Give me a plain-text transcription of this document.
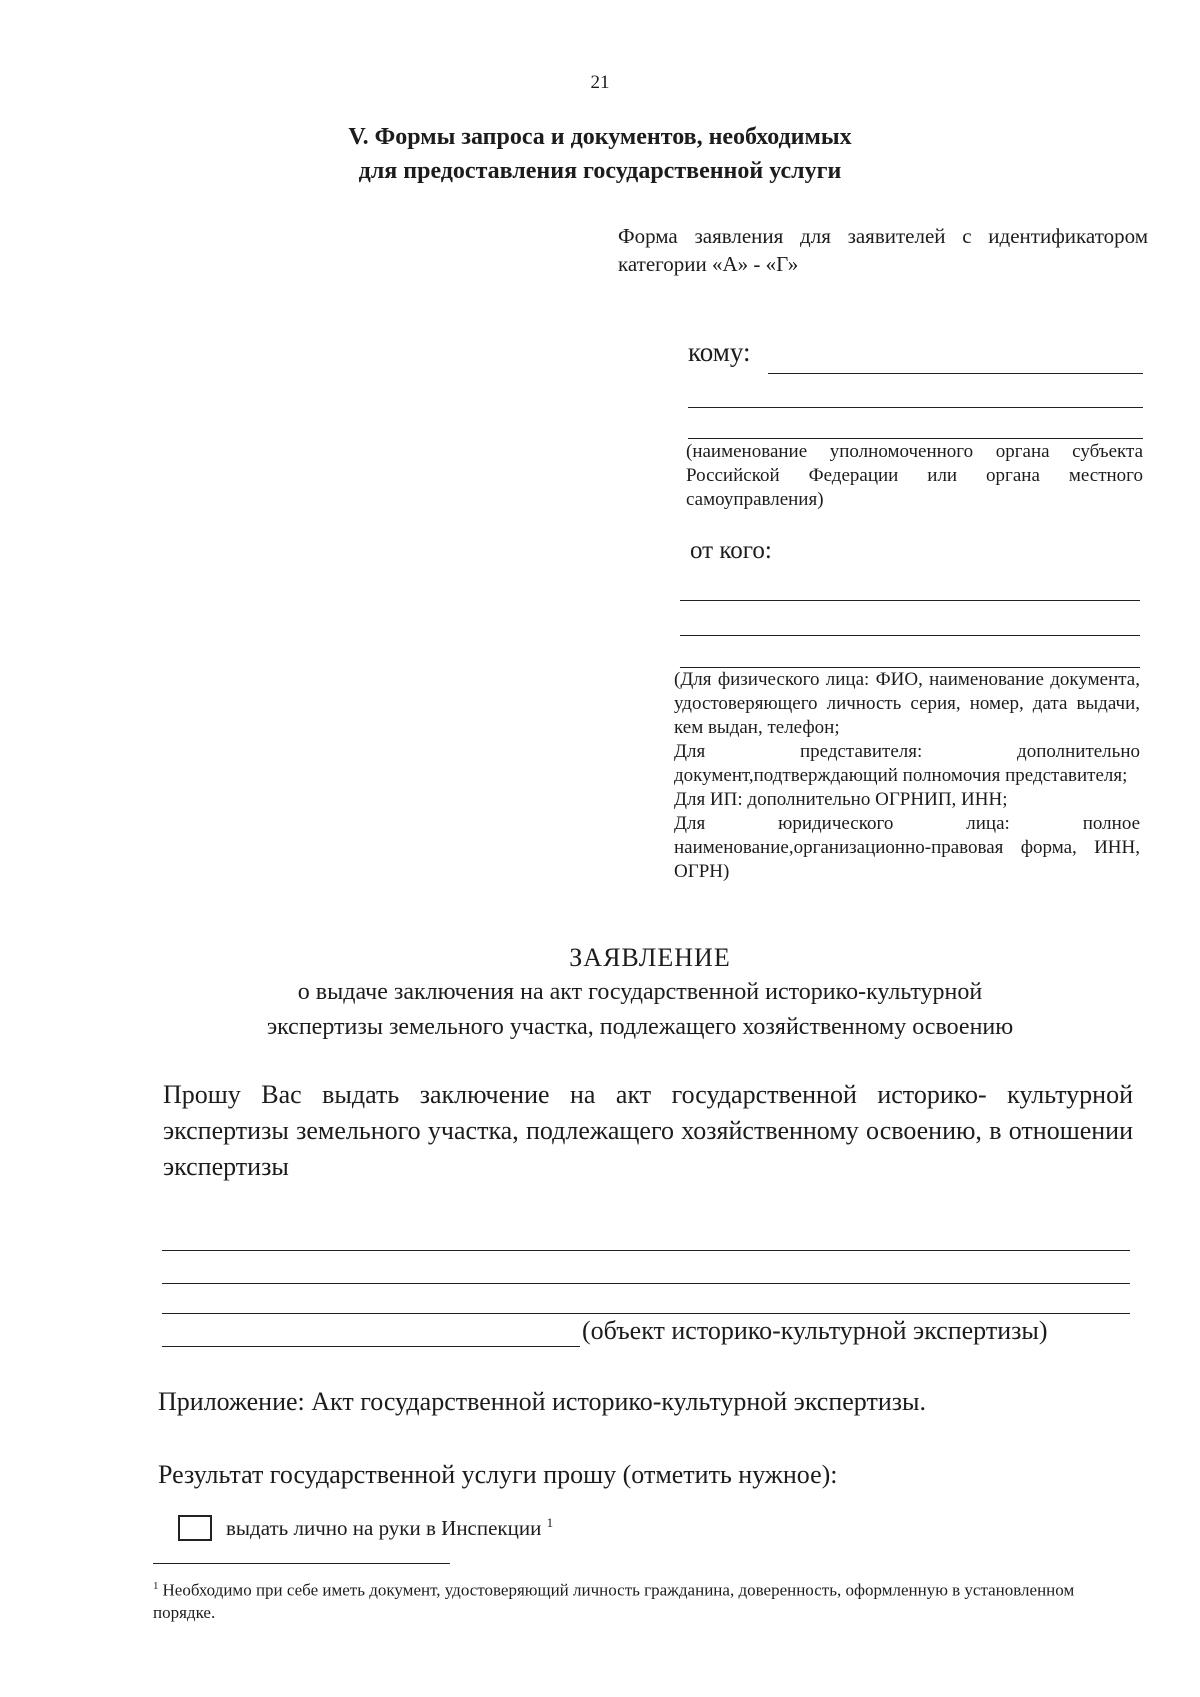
21
V. Формы запроса и документов, необходимых
для предоставления государственной услуги
Форма заявления для заявителей с идентификатором категории «А» - «Г»
кому:
(наименование уполномоченного органа субъекта Российской Федерации или органа местного самоуправления)
от кого:

(Для физического лица: ФИО, наименование документа, удостоверяющего личность серия, номер, дата выдачи, кем выдан, телефон;

Для представителя: дополнительно документ,подтверждающий полномочия представителя;

Для ИП: дополнительно ОГРНИП, ИНН;

Для юридического лица: полное наименование,организационно-правовая форма, ИНН, ОГРН)

ЗАЯВЛЕНИЕ
о выдаче заключения на акт государственной историко-культурной
экспертизы земельного участка, подлежащего хозяйственному освоению
Прошу Вас выдать заключение на акт государственной историко- культурной экспертизы земельного участка, подлежащего хозяйственному освоению, в отношении экспертизы
(объект историко-культурной экспертизы)
Приложение: Акт государственной историко-культурной экспертизы.
Результат государственной услуги прошу (отметить нужное):
выдать лично на руки в Инспекции $^1$
$^1$ Необходимо при себе иметь документ, удостоверяющий личность гражданина, доверенность, оформленную в установленном порядке.
